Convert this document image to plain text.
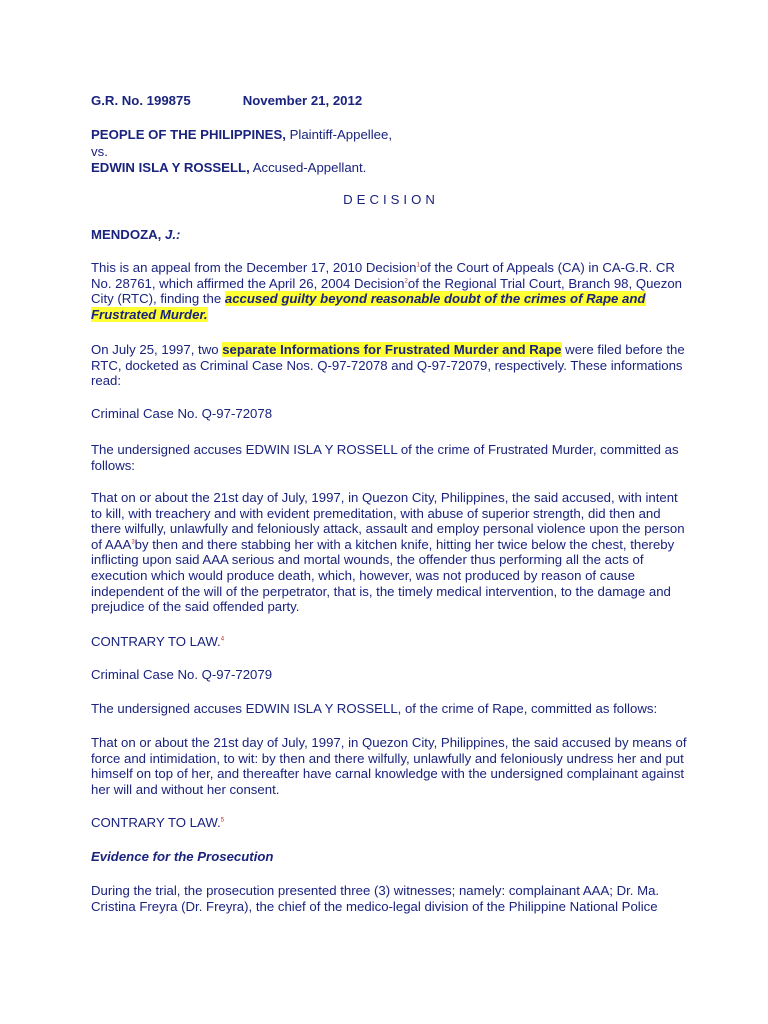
G.R. No. 199875	November 21, 2012

PEOPLE OF THE PHILIPPINES, Plaintiff-Appellee,

vs.

EDWIN ISLA Y ROSSELL, Accused-Appellant.

DECISION

MENDOZA, J.:

This is an appeal from the December 17, 2010 Decision$^1$of the Court of Appeals (CA) in CA-G.R. CR No. 28761, which affirmed the April 26, 2004 Decision$^2$of the Regional Trial Court, Branch 98, Quezon City (RTC), finding the accused guilty beyond reasonable doubt of the crimes of Rape and Frustrated Murder.

On July 25, 1997, two separate Informations for Frustrated Murder and Rape were filed before the RTC, docketed as Criminal Case Nos. Q-97-72078 and Q-97-72079, respectively. These informations read:

Criminal Case No. Q-97-72078

The undersigned accuses EDWIN ISLA Y ROSSELL of the crime of Frustrated Murder, committed as follows:

That on or about the 21st day of July, 1997, in Quezon City, Philippines, the said accused, with intent to kill, with treachery and with evident premeditation, with abuse of superior strength, did then and there wilfully, unlawfully and feloniously attack, assault and employ personal violence upon the person of AAA$^3$by then and there stabbing her with a kitchen knife, hitting her twice below the chest, thereby inflicting upon said AAA serious and mortal wounds, the offender thus performing all the acts of execution which would produce death, which, however, was not produced by reason of cause independent of the will of the perpetrator, that is, the timely medical intervention, to the damage and prejudice of the said offended party.

CONTRARY TO LAW.$^4$

Criminal Case No. Q-97-72079

The undersigned accuses EDWIN ISLA Y ROSSELL, of the crime of Rape, committed as follows:

That on or about the 21st day of July, 1997, in Quezon City, Philippines, the said accused by means of force and intimidation, to wit: by then and there wilfully, unlawfully and feloniously undress her and put himself on top of her, and thereafter have carnal knowledge with the undersigned complainant against her will and without her consent.

CONTRARY TO LAW.$^5$

Evidence for the Prosecution

During the trial, the prosecution presented three (3) witnesses; namely: complainant AAA; Dr. Ma. Cristina Freyra (Dr. Freyra), the chief of the medico-legal division of the Philippine National Police
